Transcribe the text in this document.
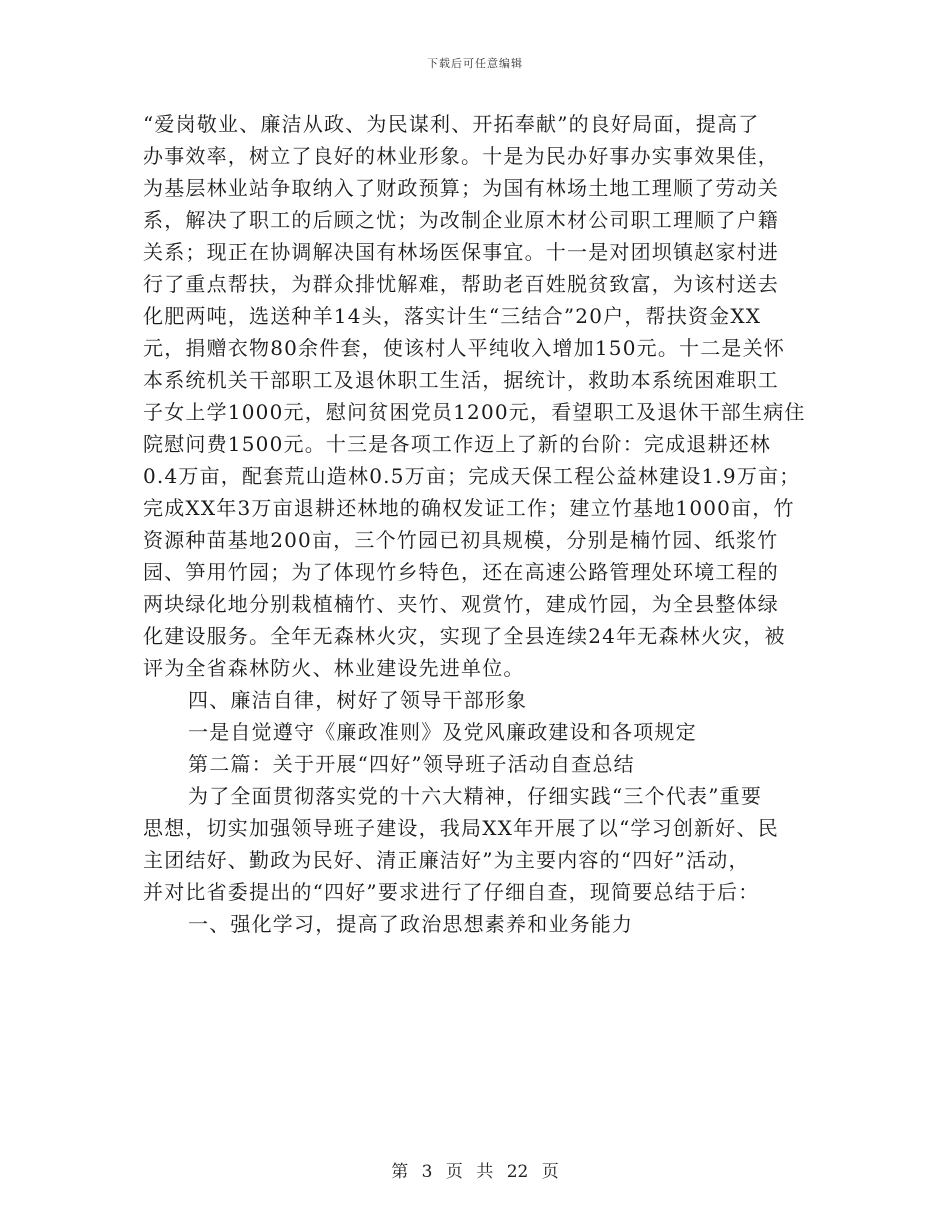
下载后可任意编辑
“爱岗敬业、廉洁从政、为民谋利、开拓奉献”的良好局面，提高了
办事效率，树立了良好的林业形象。十是为民办好事办实事效果佳，
为基层林业站争取纳入了财政预算；为国有林场土地工理顺了劳动关
系，解决了职工的后顾之忧；为改制企业原木材公司职工理顺了户籍
关系；现正在协调解决国有林场医保事宜。十一是对团坝镇赵家村进
行了重点帮扶，为群众排忧解难，帮助老百姓脱贫致富，为该村送去
化肥两吨，选送种羊14头，落实计生“三结合”20户，帮扶资金XX
元，捐赠衣物80余件套，使该村人平纯收入增加150元。十二是关怀
本系统机关干部职工及退休职工生活，据统计，救助本系统困难职工
子女上学1000元，慰问贫困党员1200元，看望职工及退休干部生病住
院慰问费1500元。十三是各项工作迈上了新的台阶：完成退耕还林
0.4万亩，配套荒山造林0.5万亩；完成天保工程公益林建设1.9万亩；
完成XX年3万亩退耕还林地的确权发证工作；建立竹基地1000亩，竹
资源种苗基地200亩，三个竹园已初具规模，分别是楠竹园、纸浆竹
园、笋用竹园；为了体现竹乡特色，还在高速公路管理处环境工程的
两块绿化地分别栽植楠竹、夹竹、观赏竹，建成竹园，为全县整体绿
化建设服务。全年无森林火灾，实现了全县连续24年无森林火灾，被
评为全省森林防火、林业建设先进单位。
四、廉洁自律，树好了领导干部形象
一是自觉遵守《廉政准则》及党风廉政建设和各项规定
第二篇：关于开展“四好”领导班子活动自查总结
为了全面贯彻落实党的十六大精神，仔细实践“三个代表”重要
思想，切实加强领导班子建设，我局XX年开展了以“学习创新好、民
主团结好、勤政为民好、清正廉洁好”为主要内容的“四好”活动，
并对比省委提出的“四好”要求进行了仔细自查，现简要总结于后：
一、强化学习，提高了政治思想素养和业务能力
第 3 页 共 22 页
